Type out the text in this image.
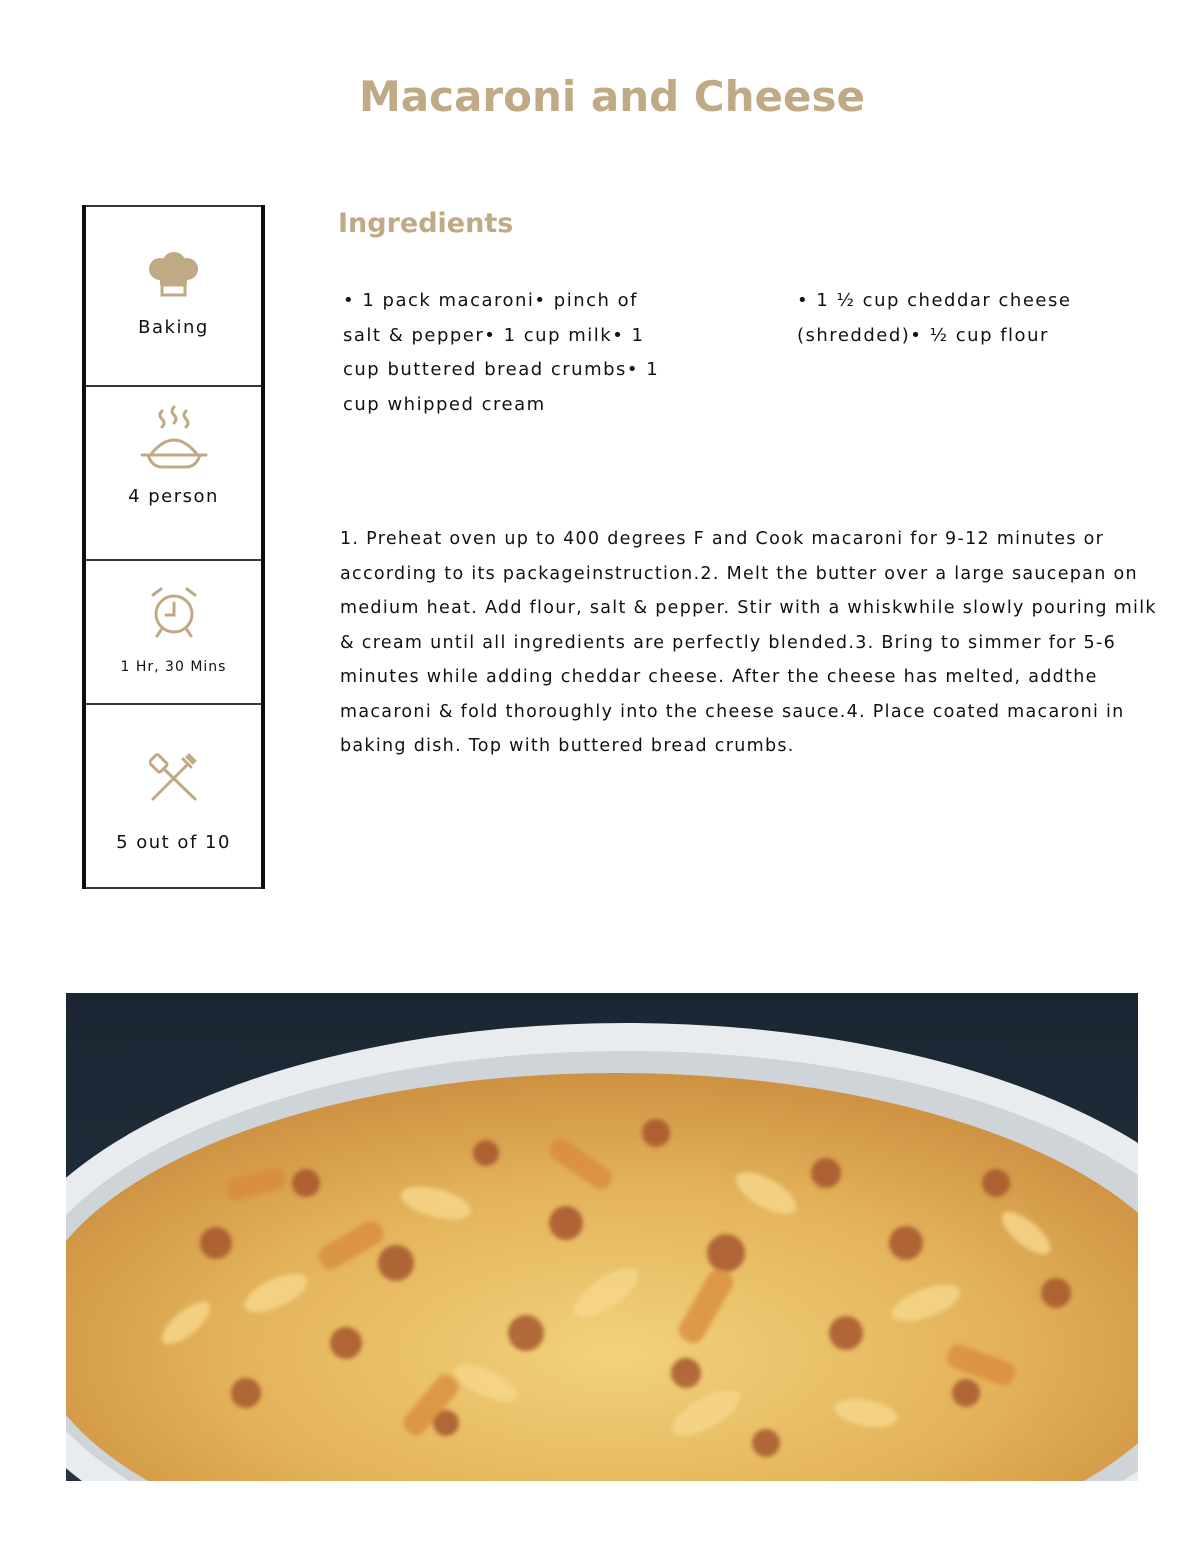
Macaroni and Cheese
Baking
4 person
1 Hr, 30 Mins
5 out of 10
Ingredients

• 1 pack macaroni• pinch of salt & pepper• 1 cup milk• 1 cup buttered bread crumbs• 1 cup whipped cream

• 1 ½ cup cheddar cheese (shredded)• ½ cup flour

1. Preheat oven up to 400 degrees F and Cook macaroni for 9-12 minutes or according to its packageinstruction.2. Melt the butter over a large saucepan on medium heat. Add flour, salt & pepper. Stir with a whiskwhile slowly pouring milk & cream until all ingredients are perfectly blended.3. Bring to simmer for 5-6 minutes while adding cheddar cheese. After the cheese has melted, addthe macaroni & fold thoroughly into the cheese sauce.4. Place coated macaroni in baking dish. Top with buttered bread crumbs.
